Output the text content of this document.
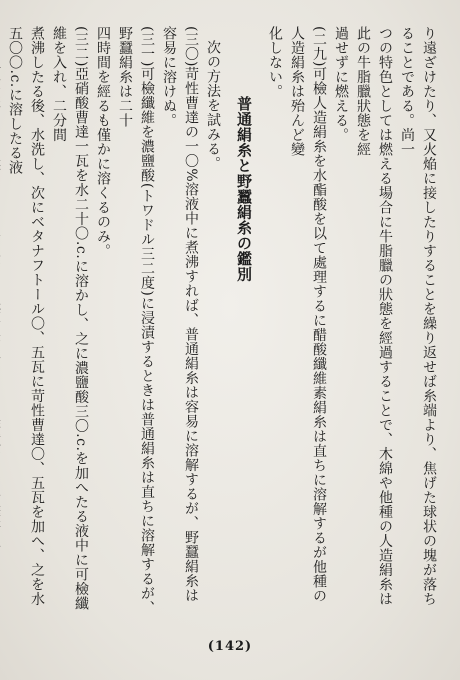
り遠ざけたり、又火焔に接したりすることを繰り返せば糸端より、焦げた球状の塊が落ちることである。尚一

つの特色としては燃える場合に牛脂臘の狀態を經過することで、木綿や他種の人造絹糸は此の牛脂臘狀態を經

過せずに燃える。

(二九)可檢人造絹糸を水酯酸を以て處理するに醋酸纖維素絹糸は直ちに溶解するが他種の人造絹糸は殆んど變

化しない。

普通絹糸と野蠶絹糸の鑑別

次の方法を試みる。

(三〇)苛性曹達の一〇%溶液中に煮沸すれば、普通絹糸は容易に溶解するが、野蠶絹糸は容易に溶けぬ。

(三一)可檢纖維を濃鹽酸(トワドル三二度)に浸漬するときは普通絹糸は直ちに溶解するが、野蠶絹糸は二十

四時間を經るも僅かに溶くるのみ。

(三二)亞硝酸曹達一瓦を水二十〇.c.に溶かし、之に濃鹽酸三〇.c.を加へたる液中に可檢纖維を入れ、二分間

煮沸したる後、水洗し、次にベタナフトール〇、五瓦に苛性曹達〇、五瓦を加へ、之を水五〇〇.c.に溶したる液

(142)
